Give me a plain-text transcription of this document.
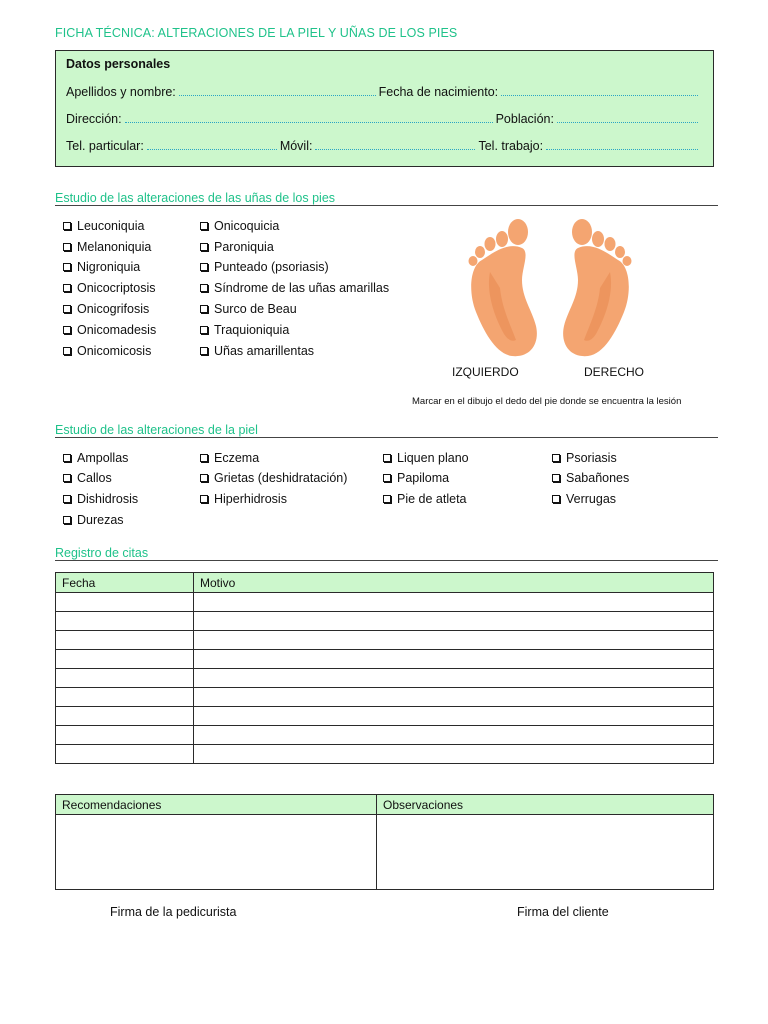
FICHA TÉCNICA: ALTERACIONES DE LA PIEL Y UÑAS DE LOS PIES
Datos personales
Apellidos y nombre:	Fecha de nacimiento:
Dirección:	Población:
Tel. particular:	Móvil:	Tel. trabajo:
Estudio de las alteraciones de las uñas de los pies
Leuconiquia
Melanoniquia
Nigroniquia
Onicocriptosis
Onicogrifosis
Onicomadesis
Onicomicosis
Onicoquicia
Paroniquia
Punteado (psoriasis)
Síndrome de las uñas amarillas
Surco de Beau
Traquioniquia
Uñas amarillentas
IZQUIERDO	DERECHO
Marcar en el dibujo el dedo del pie donde se encuentra la lesión
Estudio de las alteraciones de la piel
Ampollas
Callos
Dishidrosis
Durezas
Eczema
Grietas (deshidratación)
Hiperhidrosis
Liquen plano
Papiloma
Pie de atleta
Psoriasis
Sabañones
Verrugas
Registro de citas
Fecha	Motivo

Recomendaciones	Observaciones

Firma de la pedicurista	Firma del cliente
